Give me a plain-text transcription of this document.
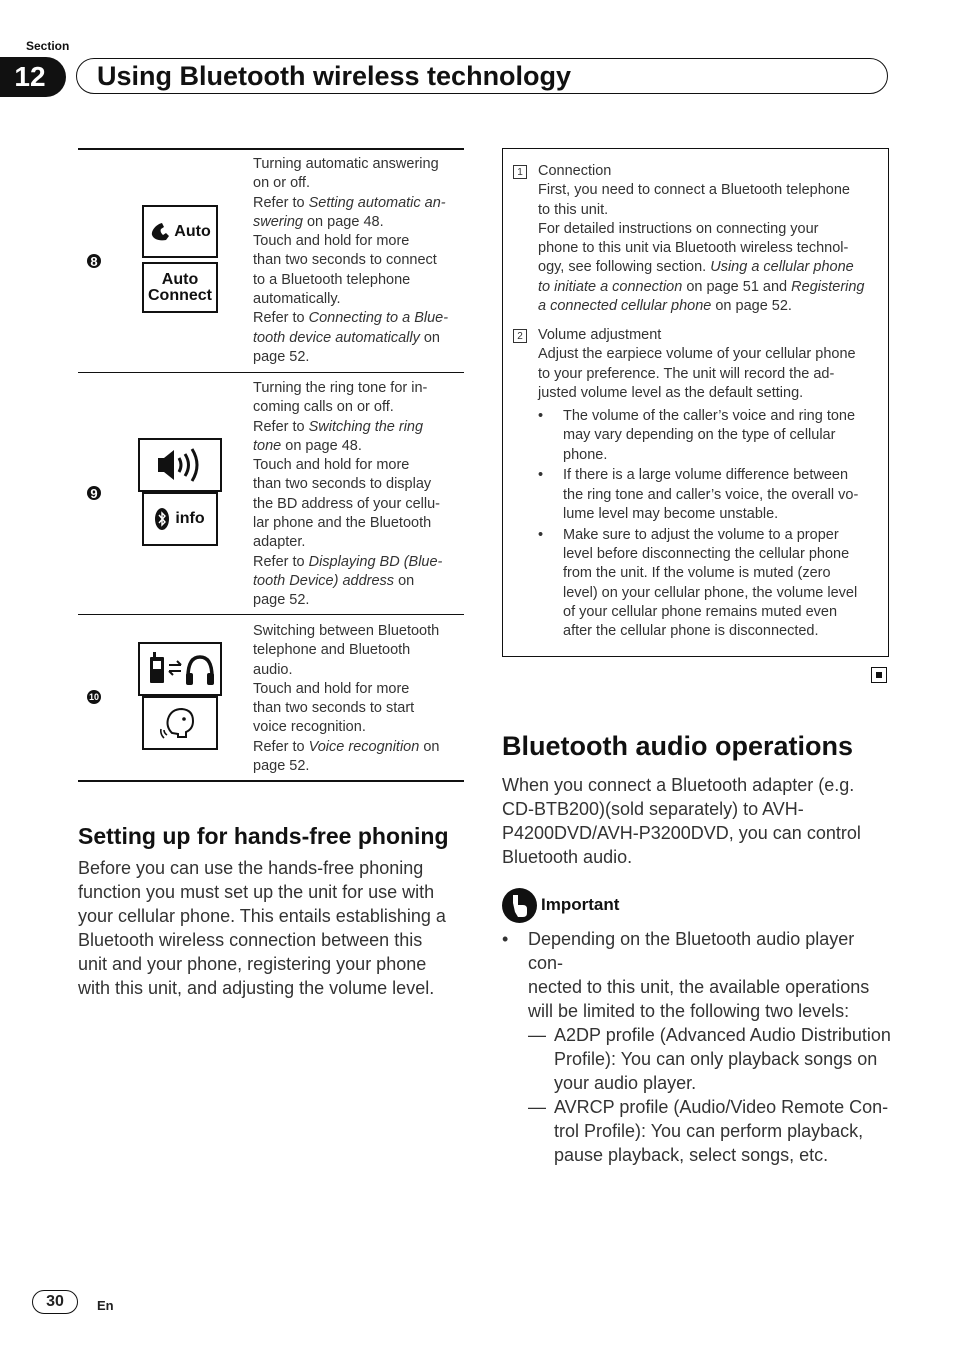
Section
12	Using Bluetooth wireless technology
8
Auto
Auto
Connect
Turning automatic answering
on or off.
Refer to Setting automatic an-
swering on page 48.
Touch and hold for more
than two seconds to connect
to a Bluetooth telephone
automatically.
Refer to Connecting to a Blue-
tooth device automatically on
page 52.
9
info
Turning the ring tone for in-
coming calls on or off.
Refer to Switching the ring
tone on page 48.
Touch and hold for more
than two seconds to display
the BD address of your cellu-
lar phone and the Bluetooth
adapter.
Refer to Displaying BD (Blue-
tooth Device) address on
page 52.
10
Switching between Bluetooth
telephone and Bluetooth
audio.
Touch and hold for more
than two seconds to start
voice recognition.
Refer to Voice recognition on
page 52.
Setting up for hands-free phoning
Before you can use the hands-free phoning
function you must set up the unit for use with
your cellular phone. This entails establishing a
Bluetooth wireless connection between this
unit and your phone, registering your phone
with this unit, and adjusting the volume level.
1 Connection
First, you need to connect a Bluetooth telephone
to this unit.
For detailed instructions on connecting your
phone to this unit via Bluetooth wireless technol-
ogy, see following section. Using a cellular phone
to initiate a connection on page 51 and Registering
a connected cellular phone on page 52.
2 Volume adjustment
Adjust the earpiece volume of your cellular phone
to your preference. The unit will record the ad-
justed volume level as the default setting.
• The volume of the caller’s voice and ring tone
may vary depending on the type of cellular
phone.
• If there is a large volume difference between
the ring tone and caller’s voice, the overall vo-
lume level may become unstable.
• Make sure to adjust the volume to a proper
level before disconnecting the cellular phone
from the unit. If the volume is muted (zero
level) on your cellular phone, the volume level
of your cellular phone remains muted even
after the cellular phone is disconnected.
Bluetooth audio operations
When you connect a Bluetooth adapter (e.g.
CD-BTB200)(sold separately) to AVH-
P4200DVD/AVH-P3200DVD, you can control
Bluetooth audio.
Important
• Depending on the Bluetooth audio player con-
nected to this unit, the available operations
will be limited to the following two levels:
— A2DP profile (Advanced Audio Distribution
Profile): You can only playback songs on
your audio player.
— AVRCP profile (Audio/Video Remote Con-
trol Profile): You can perform playback,
pause playback, select songs, etc.
30	En
